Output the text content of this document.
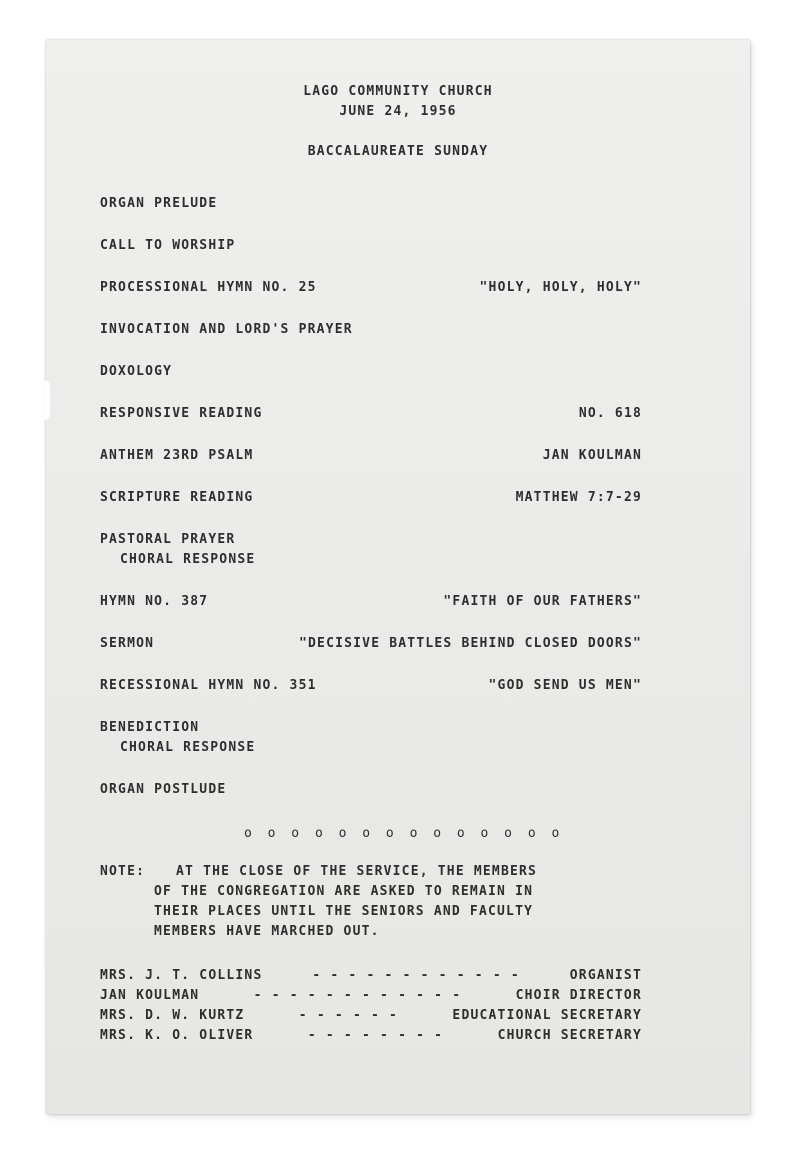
LAGO COMMUNITY CHURCH
JUNE 24, 1956
BACCALAUREATE SUNDAY
ORGAN PRELUDE
CALL TO WORSHIP
PROCESSIONAL HYMN NO. 25	"HOLY, HOLY, HOLY"
INVOCATION AND LORD'S PRAYER
DOXOLOGY
RESPONSIVE READING	NO. 618
ANTHEM 23RD PSALM	JAN KOULMAN
SCRIPTURE READING	MATTHEW 7:7-29
PASTORAL PRAYER
CHORAL RESPONSE
HYMN NO. 387	"FAITH OF OUR FATHERS"
SERMON	"DECISIVE BATTLES BEHIND CLOSED DOORS"
RECESSIONAL HYMN NO. 351	"GOD SEND US MEN"
BENEDICTION
CHORAL RESPONSE
ORGAN POSTLUDE
o o o o o o o o o o o o o o
NOTE: AT THE CLOSE OF THE SERVICE, THE MEMBERS
OF THE CONGREGATION ARE ASKED TO REMAIN IN
THEIR PLACES UNTIL THE SENIORS AND FACULTY
MEMBERS HAVE MARCHED OUT.
MRS. J. T. COLLINS	- - - - - - - - - - - -	ORGANIST
JAN KOULMAN	- - - - - - - - - - - -	CHOIR DIRECTOR
MRS. D. W. KURTZ	- - - - - -	EDUCATIONAL SECRETARY
MRS. K. O. OLIVER	- - - - - - - -	CHURCH SECRETARY
